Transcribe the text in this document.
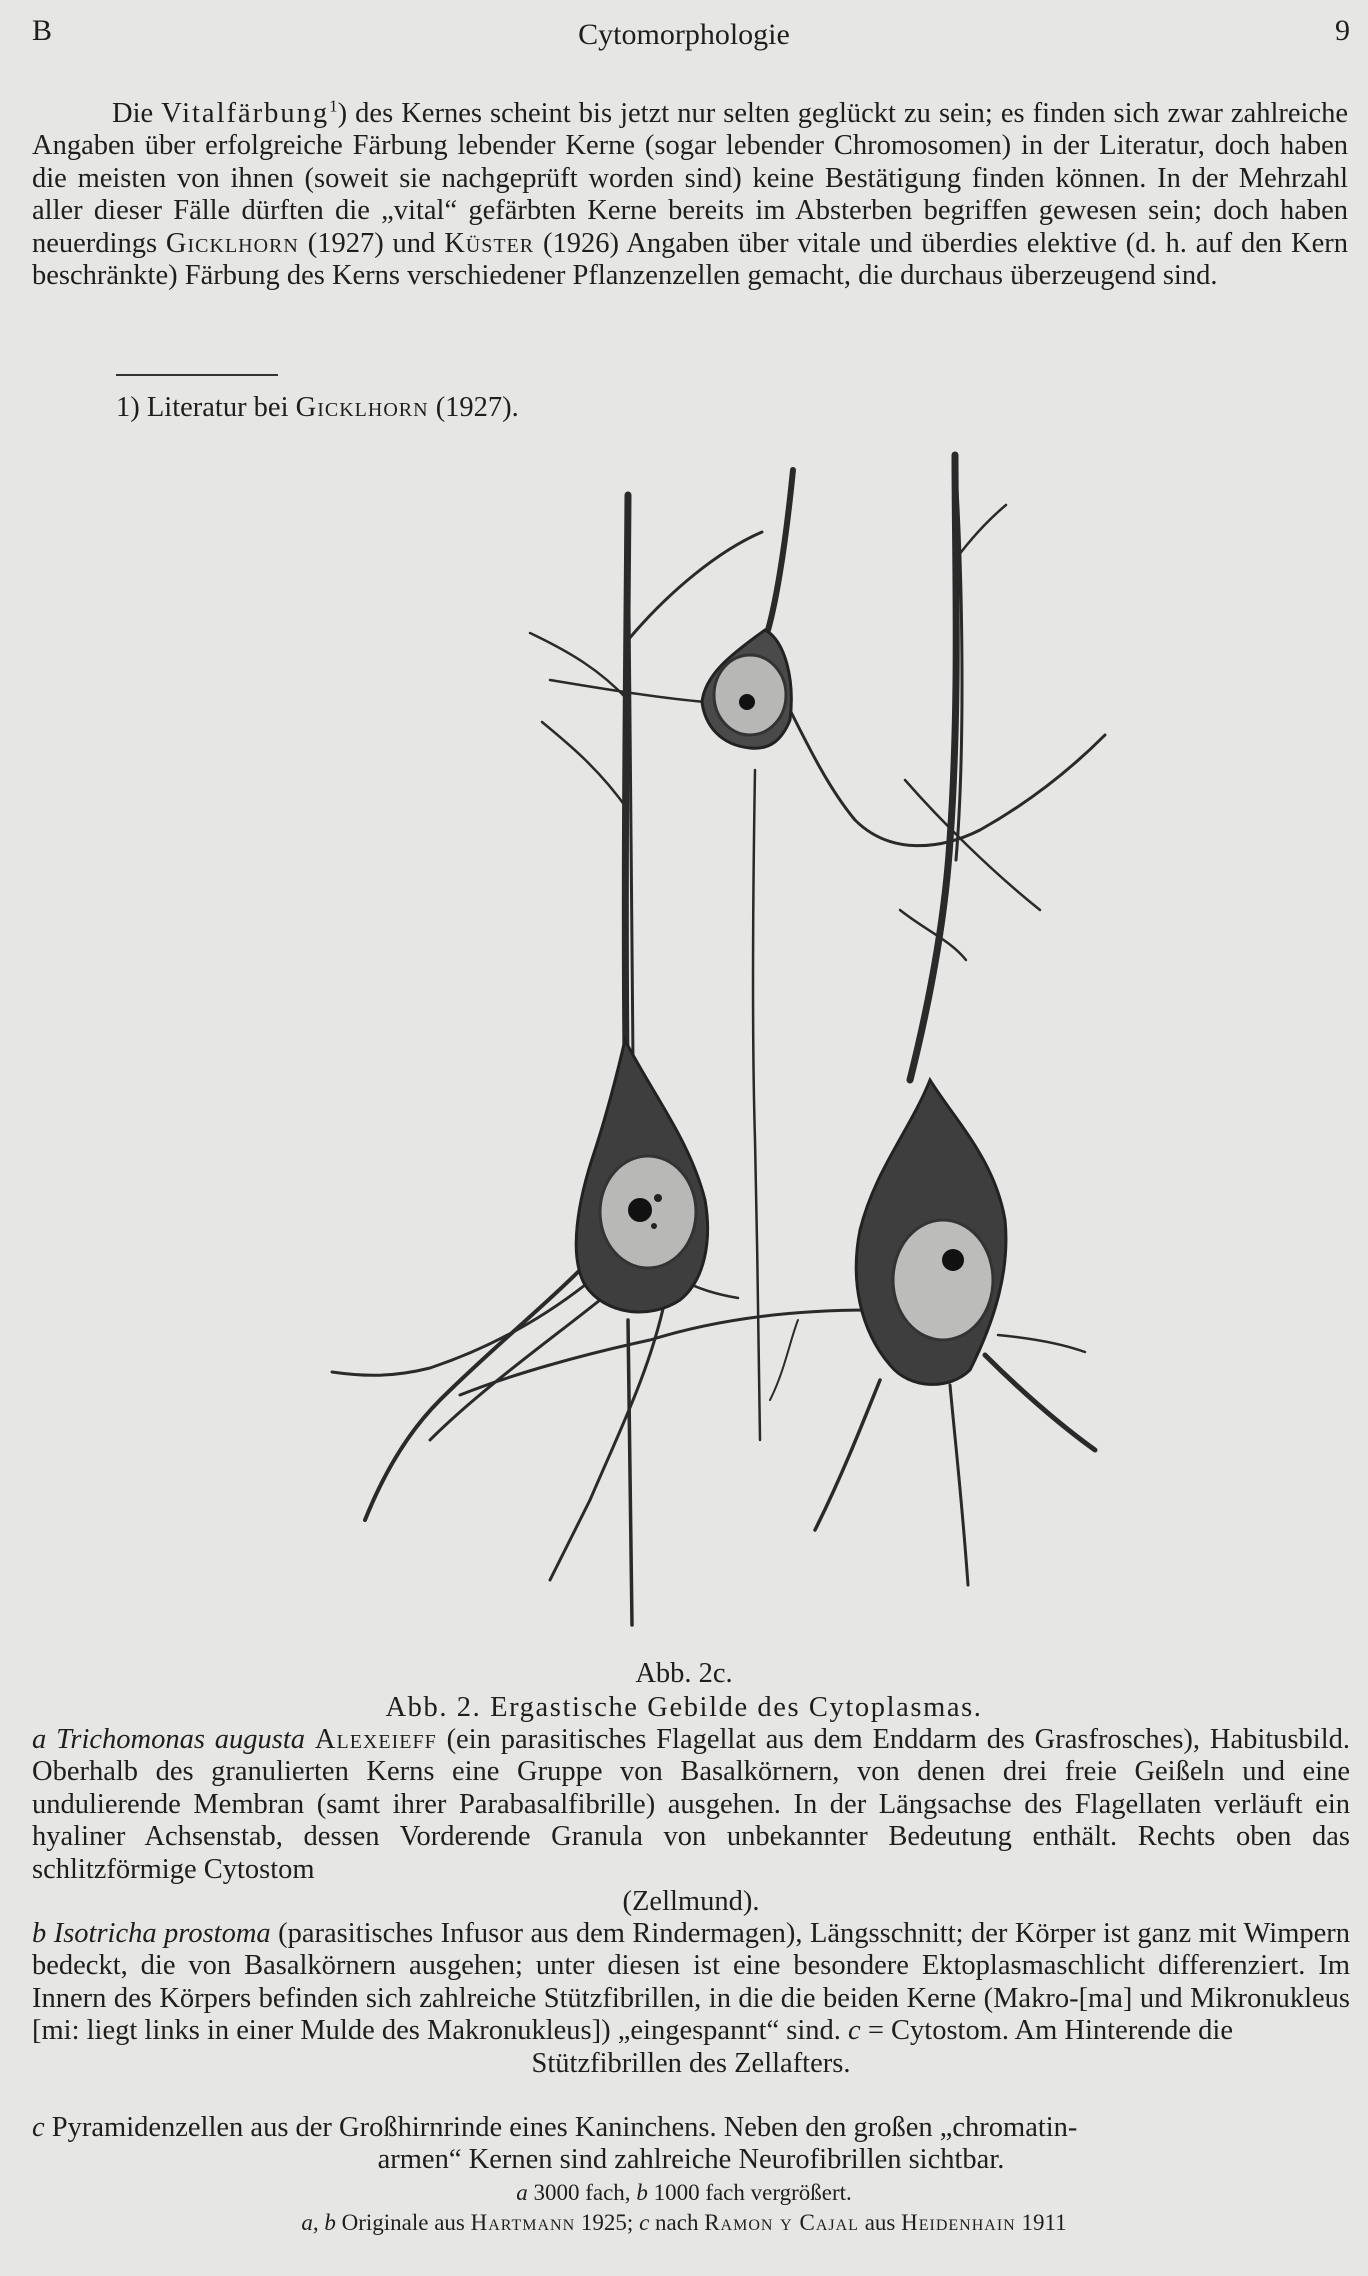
B	Cytomorphologie	9
Die Vitalfärbung$^1$) des Kernes scheint bis jetzt nur selten geglückt zu sein; es finden sich zwar zahlreiche Angaben über erfolgreiche Färbung lebender Kerne (sogar lebender Chromosomen) in der Literatur, doch haben die meisten von ihnen (soweit sie nachgeprüft worden sind) keine Bestätigung finden können. In der Mehrzahl aller dieser Fälle dürften die „vital“ gefärbten Kerne bereits im Absterben begriffen gewesen sein; doch haben neuerdings Gicklhorn (1927) und Küster (1926) Angaben über vitale und überdies elektive (d. h. auf den Kern beschränkte) Färbung des Kerns verschiedener Pflanzenzellen gemacht, die durchaus überzeugend sind.
1) Literatur bei Gicklhorn (1927).
Abb. 2c.
Abb. 2. Ergastische Gebilde des Cytoplasmas.
a Trichomonas augusta Alexeieff (ein parasitisches Flagellat aus dem Enddarm des Grasfrosches), Habitusbild. Oberhalb des granulierten Kerns eine Gruppe von Basalkörnern, von denen drei freie Geißeln und eine undulierende Membran (samt ihrer Parabasalfibrille) ausgehen. In der Längsachse des Flagellaten verläuft ein hyaliner Achsenstab, dessen Vorderende Granula von unbekannter Bedeutung enthält. Rechts oben das schlitzförmige Cytostom
(Zellmund).
b Isotricha prostoma (parasitisches Infusor aus dem Rindermagen), Längsschnitt; der Körper ist ganz mit Wimpern bedeckt, die von Basalkörnern ausgehen; unter diesen ist eine besondere Ektoplasmaschlicht differenziert. Im Innern des Körpers befinden sich zahlreiche Stützfibrillen, in die die beiden Kerne (Makro-[ma] und Mikronukleus [mi: liegt links in einer Mulde des Makronukleus]) „eingespannt“ sind. c = Cytostom. Am Hinterende die
Stützfibrillen des Zellafters.
c Pyramidenzellen aus der Großhirnrinde eines Kaninchens. Neben den großen „chromatin-
armen“ Kernen sind zahlreiche Neurofibrillen sichtbar.
a 3000 fach, b 1000 fach vergrößert.
a, b Originale aus Hartmann 1925; c nach Ramon y Cajal aus Heidenhain 1911
